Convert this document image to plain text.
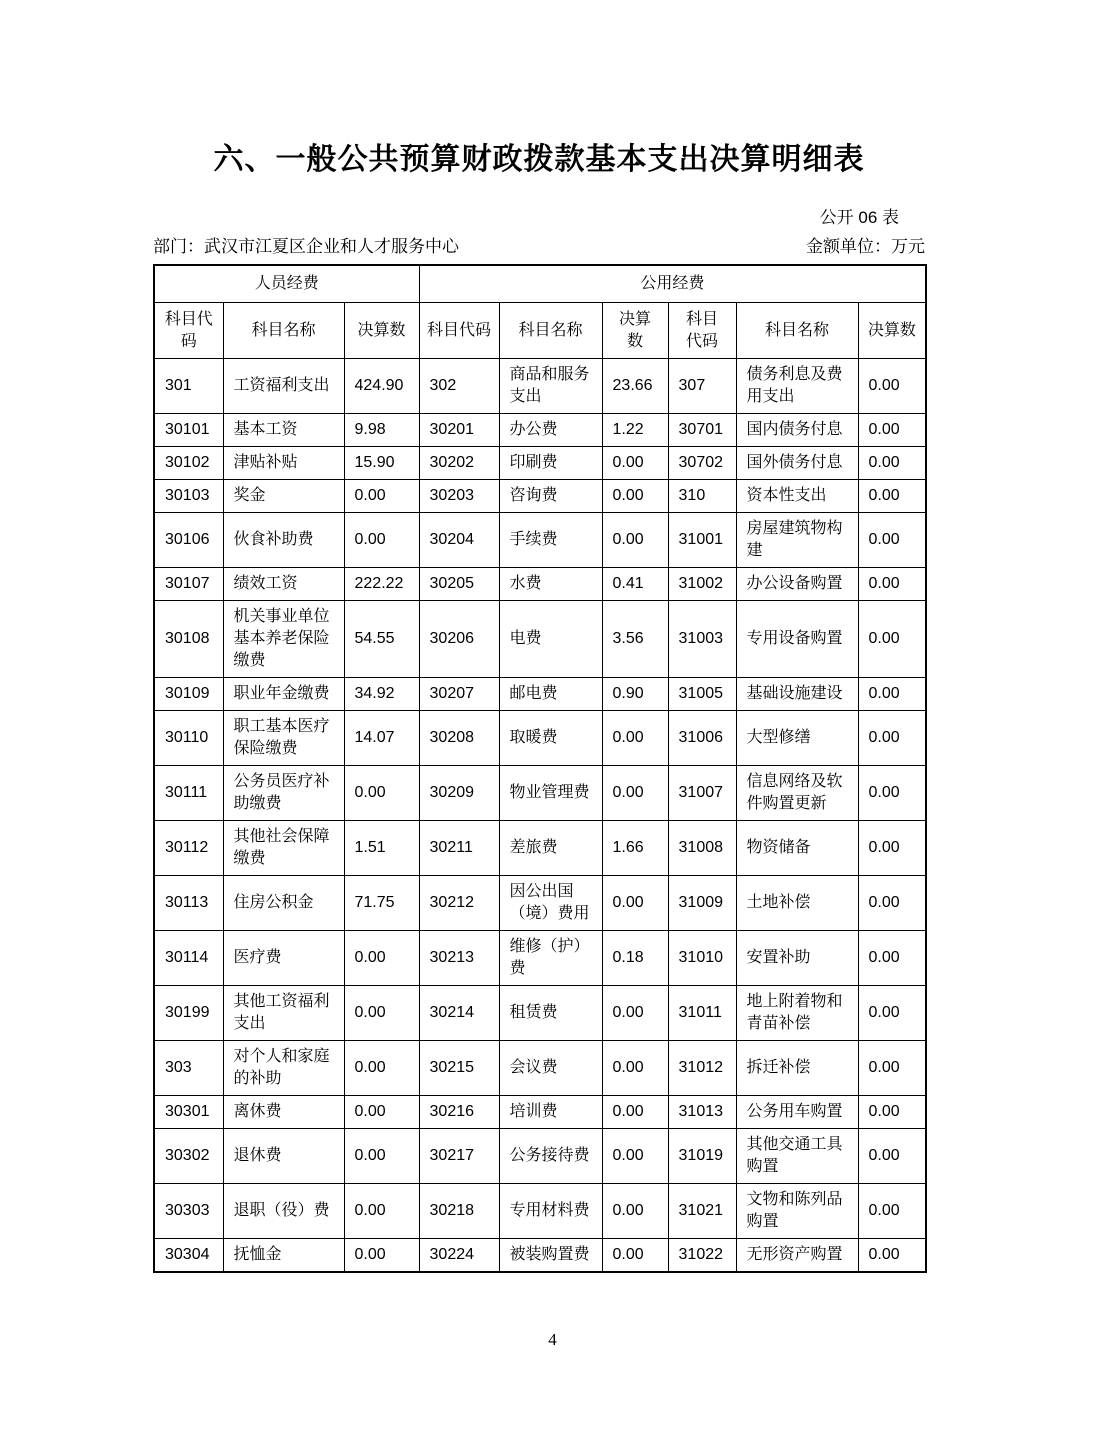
六、一般公共预算财政拨款基本支出决算明细表
公开 06 表
部门：武汉市江夏区企业和人才服务中心	金额单位：万元
人员经费			公用经费					
科目代码	科目名称	决算数	科目代码	科目名称	决算数	科目代码	科目名称	决算数
301	工资福利支出	424.90	302	商品和服务支出	23.66	307	债务利息及费用支出	0.00
30101	基本工资	9.98	30201	办公费	1.22	30701	国内债务付息	0.00
30102	津贴补贴	15.90	30202	印刷费	0.00	30702	国外债务付息	0.00
30103	奖金	0.00	30203	咨询费	0.00	310	资本性支出	0.00
30106	伙食补助费	0.00	30204	手续费	0.00	31001	房屋建筑物构建	0.00
30107	绩效工资	222.22	30205	水费	0.41	31002	办公设备购置	0.00
30108	机关事业单位基本养老保险缴费	54.55	30206	电费	3.56	31003	专用设备购置	0.00
30109	职业年金缴费	34.92	30207	邮电费	0.90	31005	基础设施建设	0.00
30110	职工基本医疗保险缴费	14.07	30208	取暖费	0.00	31006	大型修缮	0.00
30111	公务员医疗补助缴费	0.00	30209	物业管理费	0.00	31007	信息网络及软件购置更新	0.00
30112	其他社会保障缴费	1.51	30211	差旅费	1.66	31008	物资储备	0.00
30113	住房公积金	71.75	30212	因公出国（境）费用	0.00	31009	土地补偿	0.00
30114	医疗费	0.00	30213	维修（护）费	0.18	31010	安置补助	0.00
30199	其他工资福利支出	0.00	30214	租赁费	0.00	31011	地上附着物和青苗补偿	0.00
303	对个人和家庭的补助	0.00	30215	会议费	0.00	31012	拆迁补偿	0.00
30301	离休费	0.00	30216	培训费	0.00	31013	公务用车购置	0.00
30302	退休费	0.00	30217	公务接待费	0.00	31019	其他交通工具购置	0.00
30303	退职（役）费	0.00	30218	专用材料费	0.00	31021	文物和陈列品购置	0.00
30304	抚恤金	0.00	30224	被装购置费	0.00	31022	无形资产购置	0.00
4
